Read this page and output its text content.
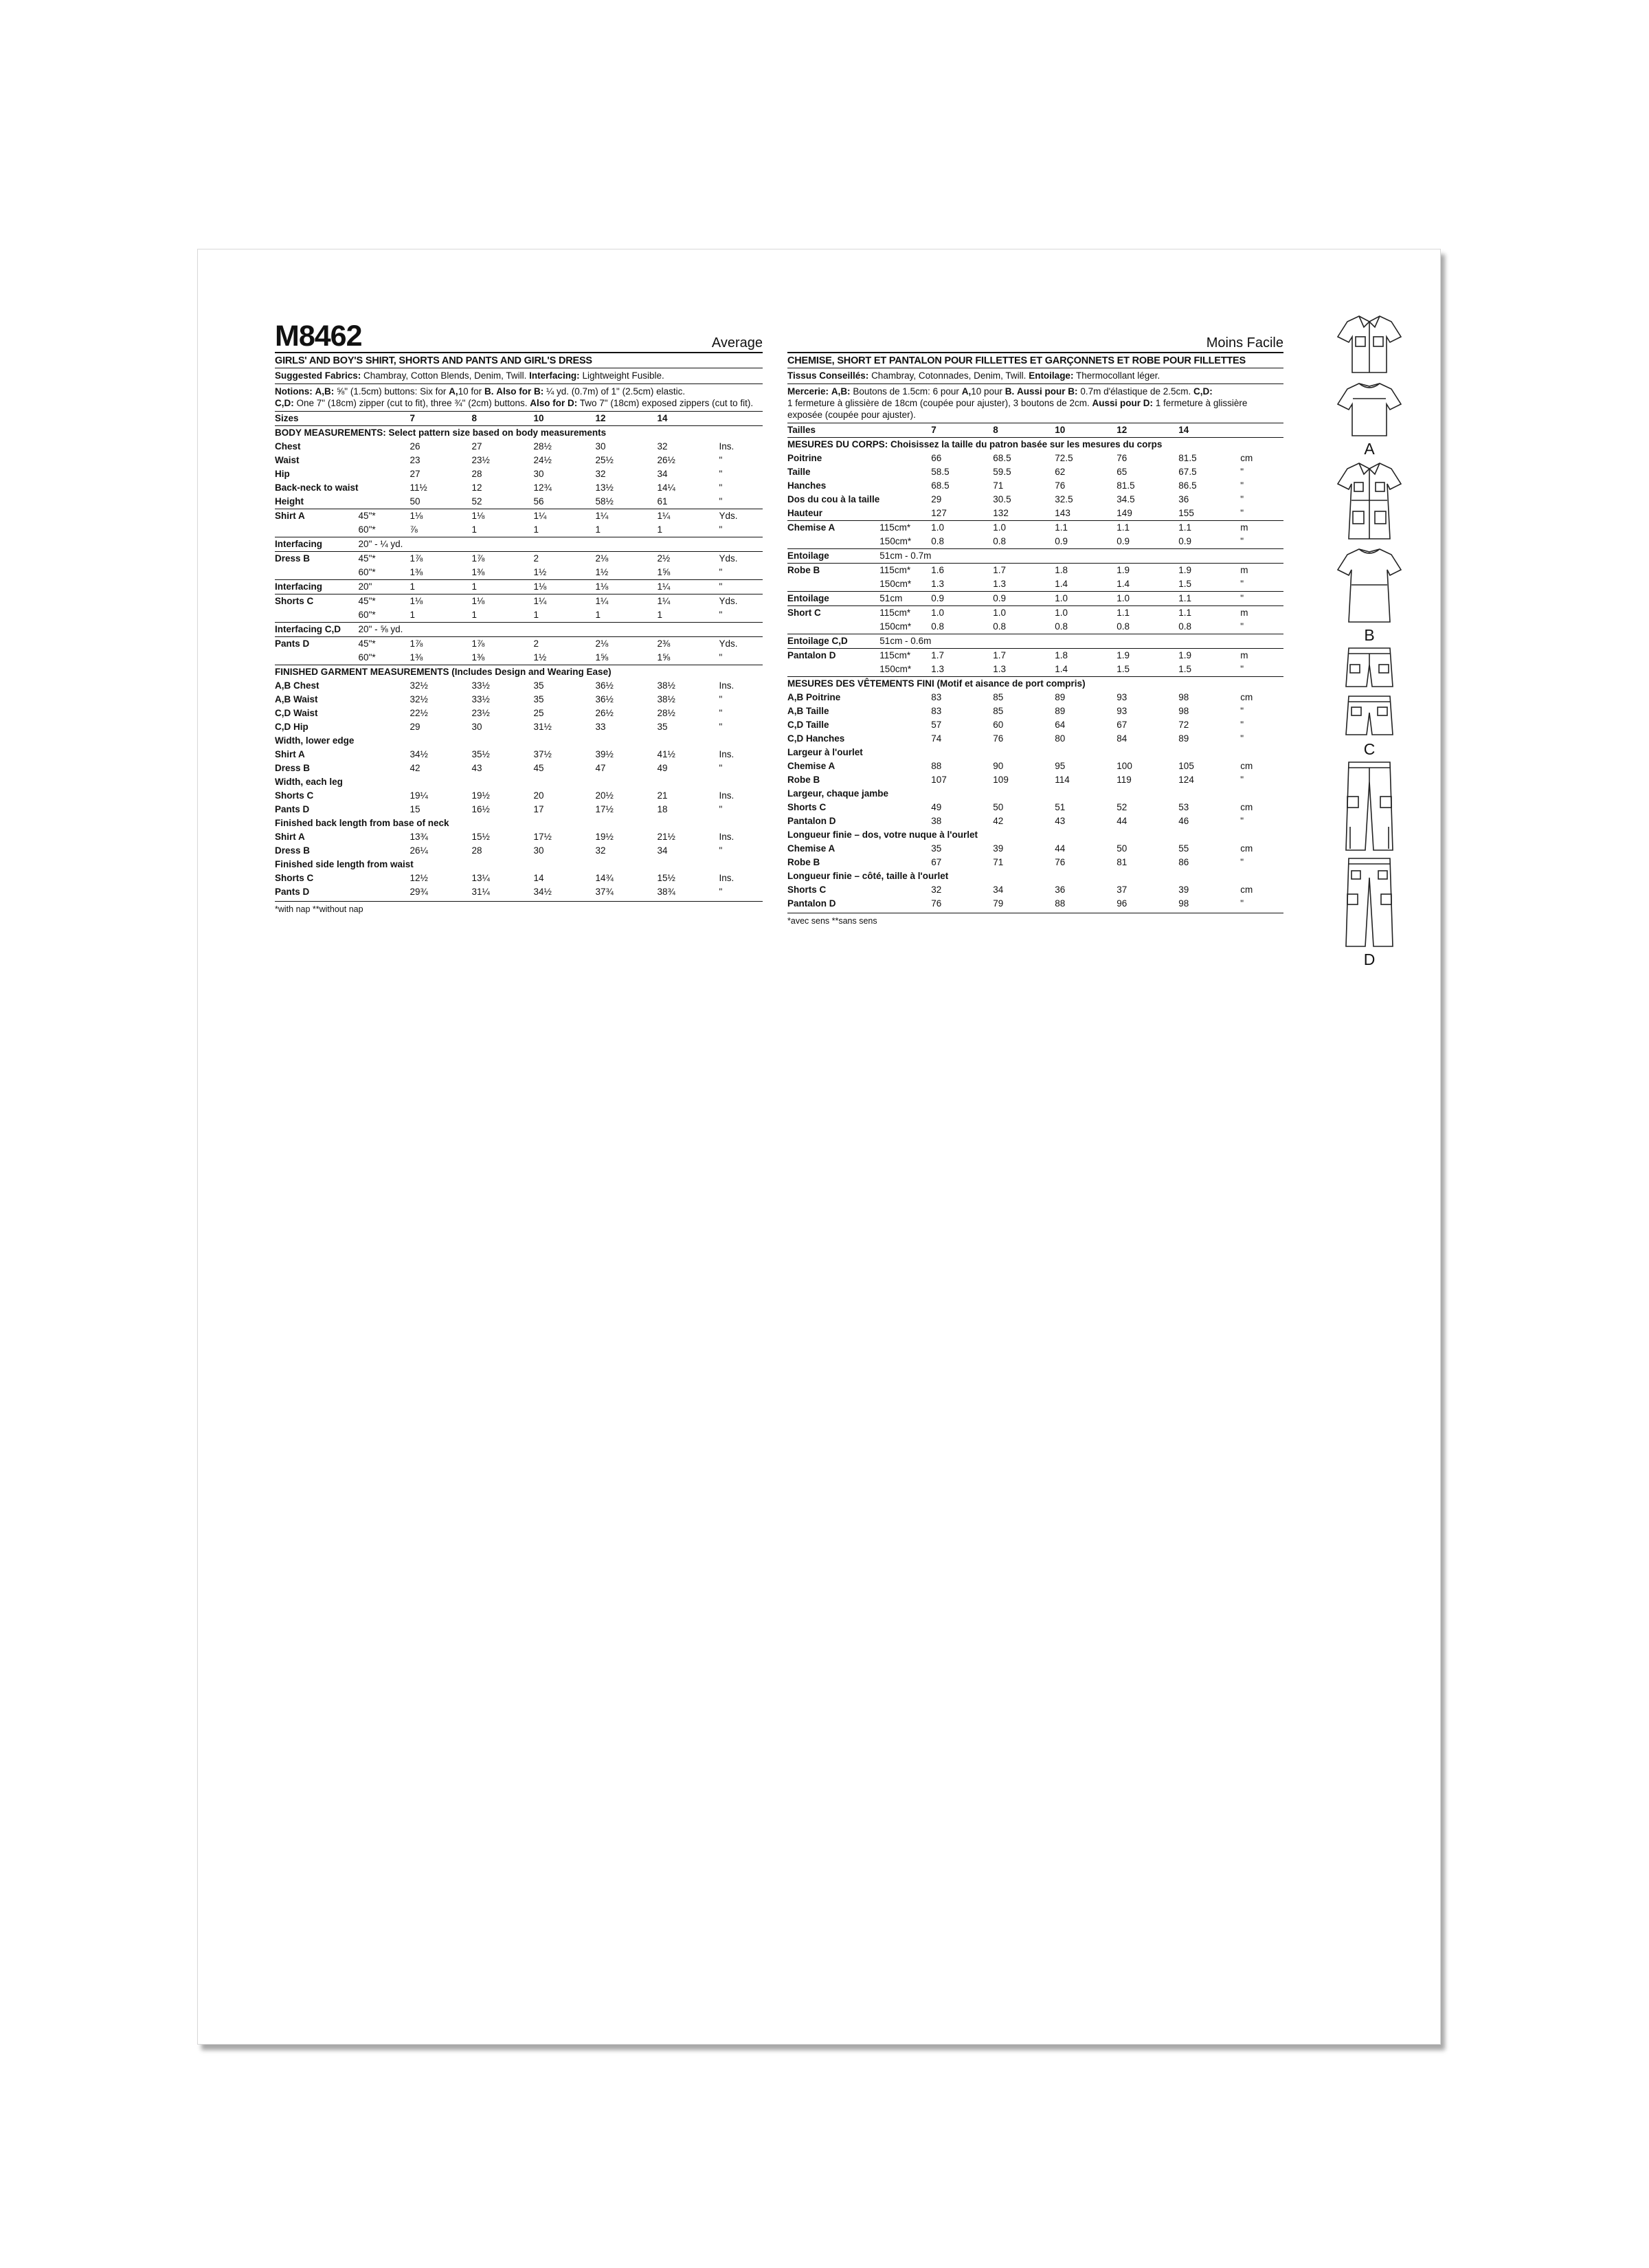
M8462	Average
GIRLS' AND BOY'S SHIRT, SHORTS AND PANTS AND GIRL'S DRESS
Suggested Fabrics: Chambray, Cotton Blends, Denim, Twill. Interfacing: Lightweight Fusible.
Notions: A,B: ⅝" (1.5cm) buttons: Six for A,10 for B. Also for B: ¼ yd. (0.7m) of 1" (2.5cm) elastic.
C,D: One 7" (18cm) zipper (cut to fit), three ¾" (2cm) buttons. Also for D: Two 7" (18cm) exposed zippers (cut to fit).
Sizes		7	8	10	12	14	
BODY MEASUREMENTS: Select pattern size based on body measurements							
Chest		26	27	28½	30	32	Ins.
Waist		23	23½	24½	25½	26½	"
Hip		27	28	30	32	34	"
Back-neck to waist		11½	12	12¾	13½	14¼	"
Height		50	52	56	58½	61	"
Shirt A	45"*	1⅛	1⅛	1¼	1¼	1¼	Yds.
	60"*	⅞	1	1	1	1	"
Interfacing	20" - ¼ yd.						
Dress B	45"*	1⅞	1⅞	2	2⅛	2½	Yds.
	60"*	1⅜	1⅜	1½	1½	1⅝	"
Interfacing	20"	1	1	1⅛	1⅛	1¼	"
Shorts C	45"*	1⅛	1⅛	1¼	1¼	1¼	Yds.
	60"*	1	1	1	1	1	"
Interfacing C,D	20" - ⅝ yd.						
Pants D	45"*	1⅞	1⅞	2	2⅛	2⅜	Yds.
	60"*	1⅜	1⅜	1½	1⅝	1⅝	"
FINISHED GARMENT MEASUREMENTS (Includes Design and Wearing Ease)							
A,B Chest		32½	33½	35	36½	38½	Ins.
A,B Waist		32½	33½	35	36½	38½	"
C,D Waist		22½	23½	25	26½	28½	"
C,D Hip		29	30	31½	33	35	"
Width, lower edge							
Shirt A		34½	35½	37½	39½	41½	Ins.
Dress B		42	43	45	47	49	"
Width, each leg							
Shorts C		19¼	19½	20	20½	21	Ins.
Pants D		15	16½	17	17½	18	"
Finished back length from base of neck							
Shirt A		13¾	15½	17½	19½	21½	Ins.
Dress B		26¼	28	30	32	34	"
Finished side length from waist							
Shorts C		12½	13¼	14	14¾	15½	Ins.
Pants D		29¾	31¼	34½	37¾	38¾	"
*with nap **without nap
Moins Facile
CHEMISE, SHORT ET PANTALON POUR FILLETTES ET GARÇONNETS ET ROBE POUR FILLETTES
Tissus Conseillés: Chambray, Cotonnades, Denim, Twill. Entoilage: Thermocollant léger.
Mercerie: A,B: Boutons de 1.5cm: 6 pour A,10 pour B. Aussi pour B: 0.7m d'élastique de 2.5cm. C,D:
1 fermeture à glissière de 18cm (coupée pour ajuster), 3 boutons de 2cm. Aussi pour D: 1 fermeture à glissière exposée (coupée pour ajuster).
Tailles		7	8	10	12	14	
MESURES DU CORPS: Choisissez la taille du patron basée sur les mesures du corps							
Poitrine		66	68.5	72.5	76	81.5	cm
Taille		58.5	59.5	62	65	67.5	"
Hanches		68.5	71	76	81.5	86.5	"
Dos du cou à la taille		29	30.5	32.5	34.5	36	"
Hauteur		127	132	143	149	155	"
Chemise A	115cm*	1.0	1.0	1.1	1.1	1.1	m
	150cm*	0.8	0.8	0.9	0.9	0.9	"
Entoilage	51cm - 0.7m						
Robe B	115cm*	1.6	1.7	1.8	1.9	1.9	m
	150cm*	1.3	1.3	1.4	1.4	1.5	"
Entoilage	51cm	0.9	0.9	1.0	1.0	1.1	"
Short C	115cm*	1.0	1.0	1.0	1.1	1.1	m
	150cm*	0.8	0.8	0.8	0.8	0.8	"
Entoilage C,D	51cm - 0.6m						
Pantalon D	115cm*	1.7	1.7	1.8	1.9	1.9	m
	150cm*	1.3	1.3	1.4	1.5	1.5	"
MESURES DES VÊTEMENTS FINI (Motif et aisance de port compris)							
A,B Poitrine		83	85	89	93	98	cm
A,B Taille		83	85	89	93	98	"
C,D Taille		57	60	64	67	72	"
C,D Hanches		74	76	80	84	89	"
Largeur à l'ourlet							
Chemise A		88	90	95	100	105	cm
Robe B		107	109	114	119	124	"
Largeur, chaque jambe							
Shorts C		49	50	51	52	53	cm
Pantalon D		38	42	43	44	46	"
Longueur finie – dos, votre nuque à l'ourlet							
Chemise A		35	39	44	50	55	cm
Robe B		67	71	76	81	86	"
Longueur finie – côté, taille à l'ourlet							
Shorts C		32	34	36	37	39	cm
Pantalon D		76	79	88	96	98	"
*avec sens **sans sens
A
B
C
D
